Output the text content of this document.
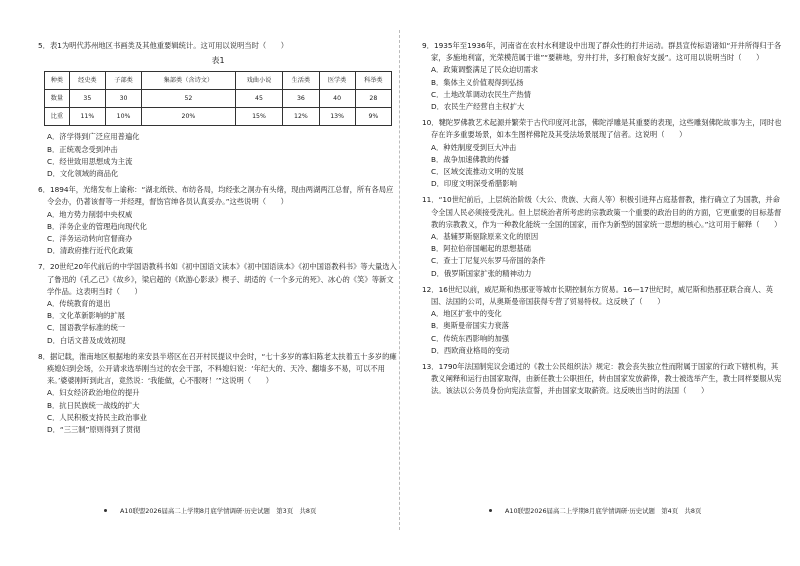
5．表1为明代苏州地区书画类及其他重要辑统计。这可用以说明当时（　　）

表1
种类	经史类	子部类	集部类（含诗文）	戏曲小说	生活类	医学类	科举类
数量	35	30	52	45	36	40	28
比重	11%	10%	20%	15%	12%	13%	9%

A．济学得到广泛应用普遍化

B．正统观念受到冲击

C．经世致用思想成为主流

D．文化领域的商品化

6．1894年，光绪发布上谕称：“湖北纸铁、布纺各局，均经张之洞办有头绪，现由两湖两江总督，所有各局应令会办，仍著该督等一并经理，督饬官绅各员认真妥办。”这些说明（　　）

A．地方势力削弱中央权威

B．洋务企业的管理趋向现代化

C．洋务运动转向官督商办

D．清政府推行近代化政策

7．20世纪20年代前后的中学国语教科书如《初中国语文读本》《初中国语读本》《初中国语教科书》等大量选入了鲁迅的《孔乙己》《故乡》，梁启超的《欧游心影录》楔子、胡适的《一个多元的死》、冰心的《笑》等新文学作品。这表明当时（　　）

A．传统教育的退出

B．文化革新影响的扩展

C．国语教学标准的统一

D．白话文普及成效初现

8．据记载，淮南地区根据地的来安县半塔区在召开村民提议中会时，“七十多岁的寡妇陈老太扶着五十多岁的瘫痪媳妇到会场，公开请求选举刚当过的农会干部，不料媳妇说：‘年纪大的、天冷、翻墙多不易，可以不用来。’婆婆刚听到此言，竟然说：‘我能做，心不服呀！’”这说明（　　）

A．妇女经济政治地位的提升

B．抗日民族统一战线的扩大

C．人民积极支持民主政治事业

D．“三三制”原则得到了贯彻

9．1935年至1936年，河南省在农村水利建设中出现了群众性的打井运动。群县宣传标语诸如“开井所得归于各家，多施地利富，光荣模范属于谁”“要耕地，穷井打井，多打粮食好支援”。这可用以说明当时（　　）

A．政策调整满足了民众迫切需求

B．集体主义价值观得到弘扬

C．土地改革调动农民生产热情

D．农民生产经营自主权扩大

10．犍陀罗佛教艺术起源并繁荣于古代印度河北部，佛陀浮雕是其重要的表现，这些雕刻佛陀故事为主，同时也存在许多重要场景，如本生图样佛陀及其受法场景展现了信者。这说明（　　）

A．种姓制度受到巨大冲击

B．战争加速佛教的传播

C．区域交流推动文明的发展

D．印度文明深受希腊影响

11．“10世纪前后，上层统治阶级（大公、贵族、大商人等）积极引进拜占庭基督教，推行确立了为国教，并命令全国人民必须接受洗礼。但上层统治者所考虑的宗教政策一个重要的政治目的的方面，它更重要的目标基督教的宗教教义，作为一种教化能统一全国的国家，而作为新型的国家统一思想的核心。”这可用于解释（　　）

A．基辅罗斯驱除原来文化的原因

B．阿拉伯帝国崛起的思想基础

C．查士丁尼复兴东罗马帝国的条件

D．俄罗斯国家扩张的精神动力

12．16世纪以前，威尼斯和热那亚等城市长期控制东方贸易。16—17世纪时，威尼斯和热那亚联合商人、英国、法国的公司，从奥斯曼帝国获得专营了贸易特权。这反映了（　　）

A．地区扩张中的变化

B．奥斯曼帝国实力衰落

C．传统东西影响的加强

D．西欧商业格局的变动

13．1790年法国制宪议会通过的《教士公民组织法》规定：教会丧失独立性而附属于国家的行政下辖机构，其教义阐释和运行由国家取得，由新任教士公职担任，转由国家发放薪俸，教士被选举产生，教士同样要服从宪法。该法以公务员身份向宪法宣誓，并由国家支取薪资。这反映出当时的法国（　　）

A10联盟2026届高二上学期8月底学情调研·历史试题　第3页　共8页	A10联盟2026届高二上学期8月底学情调研·历史试题　第4页　共8页
